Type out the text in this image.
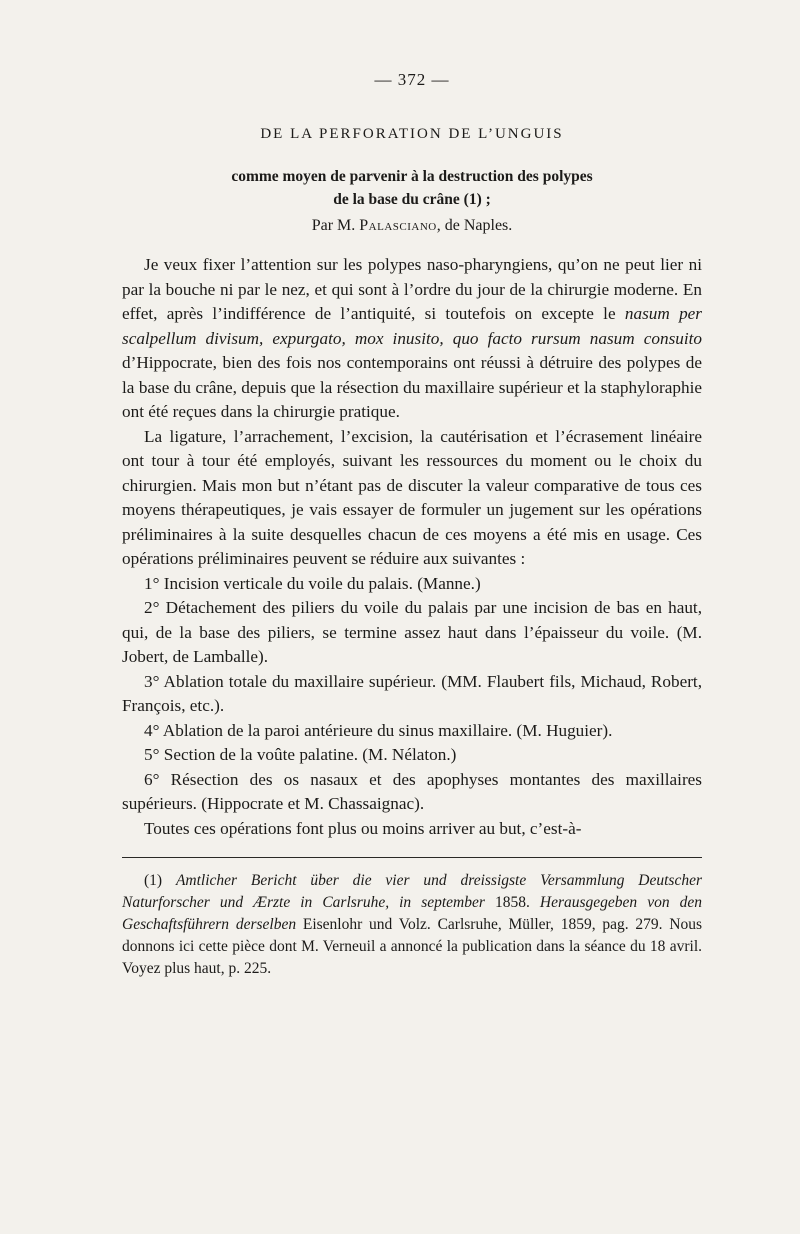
— 372 —
DE LA PERFORATION DE L’UNGUIS
comme moyen de parvenir à la destruction des polypes
de la base du crâne (1) ;
Par M. Palasciano, de Naples.

Je veux fixer l’attention sur les polypes naso-pharyngiens, qu’on ne peut lier ni par la bouche ni par le nez, et qui sont à l’ordre du jour de la chirurgie moderne. En effet, après l’indifférence de l’antiquité, si toutefois on excepte le nasum per scalpellum divisum, expurgato, mox inusito, quo facto rursum nasum consuito d’Hippocrate, bien des fois nos contemporains ont réussi à détruire des polypes de la base du crâne, depuis que la résection du maxillaire supérieur et la staphyloraphie ont été reçues dans la chirurgie pratique.

La ligature, l’arrachement, l’excision, la cautérisation et l’écrasement linéaire ont tour à tour été employés, suivant les ressources du moment ou le choix du chirurgien. Mais mon but n’étant pas de discuter la valeur comparative de tous ces moyens thérapeutiques, je vais essayer de formuler un jugement sur les opérations préliminaires à la suite desquelles chacun de ces moyens a été mis en usage. Ces opérations préliminaires peuvent se réduire aux suivantes :

1° Incision verticale du voile du palais. (Manne.)

2° Détachement des piliers du voile du palais par une incision de bas en haut, qui, de la base des piliers, se termine assez haut dans l’épaisseur du voile. (M. Jobert, de Lamballe).

3° Ablation totale du maxillaire supérieur. (MM. Flaubert fils, Michaud, Robert, François, etc.).

4° Ablation de la paroi antérieure du sinus maxillaire. (M. Huguier).

5° Section de la voûte palatine. (M. Nélaton.)

6° Résection des os nasaux et des apophyses montantes des maxillaires supérieurs. (Hippocrate et M. Chassaignac).

Toutes ces opérations font plus ou moins arriver au but, c’est-à-

(1) Amtlicher Bericht über die vier und dreissigste Versammlung Deutscher Naturforscher und Ærzte in Carlsruhe, in september 1858. Herausgegeben von den Geschaftsführern derselben Eisenlohr und Volz. Carlsruhe, Müller, 1859, pag. 279. Nous donnons ici cette pièce dont M. Verneuil a annoncé la publication dans la séance du 18 avril. Voyez plus haut, p. 225.
